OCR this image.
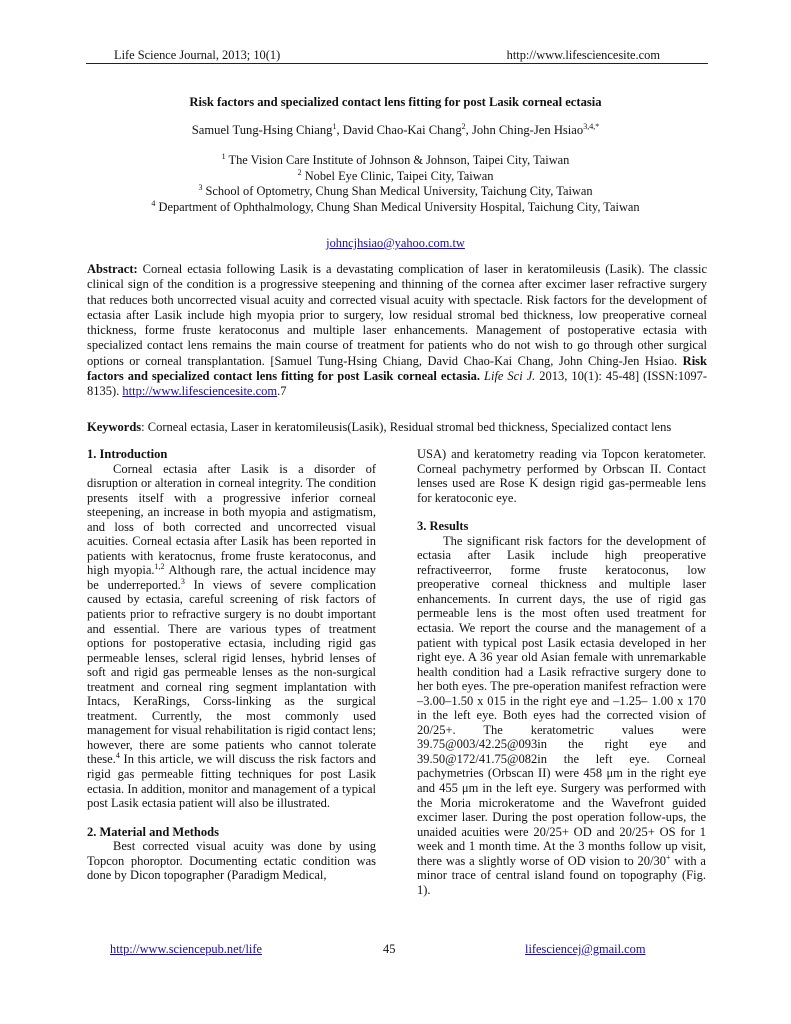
Life Science Journal, 2013; 10(1)	http://www.lifesciencesite.com
Risk factors and specialized contact lens fitting for post Lasik corneal ectasia
Samuel Tung-Hsing Chiang$^1$, David Chao-Kai Chang$^2$, John Ching-Jen Hsiao$^{3,4,*}$
$^1$ The Vision Care Institute of Johnson & Johnson, Taipei City, Taiwan
$^2$ Nobel Eye Clinic, Taipei City, Taiwan
$^3$ School of Optometry, Chung Shan Medical University, Taichung City, Taiwan
$^4$ Department of Ophthalmology, Chung Shan Medical University Hospital, Taichung City, Taiwan
johncjhsiao@yahoo.com.tw

Abstract: Corneal ectasia following Lasik is a devastating complication of laser in keratomileusis (Lasik). The classic clinical sign of the condition is a progressive steepening and thinning of the cornea after excimer laser refractive surgery that reduces both uncorrected visual acuity and corrected visual acuity with spectacle. Risk factors for the development of ectasia after Lasik include high myopia prior to surgery, low residual stromal bed thickness, low preoperative corneal thickness, forme fruste keratoconus and multiple laser enhancements. Management of postoperative ectasia with specialized contact lens remains the main course of treatment for patients who do not wish to go through other surgical options or corneal transplantation. [Samuel Tung-Hsing Chiang, David Chao-Kai Chang, John Ching-Jen Hsiao. Risk factors and specialized contact lens fitting for post Lasik corneal ectasia. Life Sci J. 2013, 10(1): 45-48] (ISSN:1097-8135). http://www.lifesciencesite.com.7

Keywords: Corneal ectasia, Laser in keratomileusis(Lasik), Residual stromal bed thickness, Specialized contact lens

1. Introduction

Corneal ectasia after Lasik is a disorder of disruption or alteration in corneal integrity. The condition presents itself with a progressive inferior corneal steepening, an increase in both myopia and astigmatism, and loss of both corrected and uncorrected visual acuities. Corneal ectasia after Lasik has been reported in patients with keratocnus, frome fruste keratoconus, and high myopia.$^{1,2}$ Although rare, the actual incidence may be underreported.$^3$ In views of severe complication caused by ectasia, careful screening of risk factors of patients prior to refractive surgery is no doubt important and essential. There are various types of treatment options for postoperative ectasia, including rigid gas permeable lenses, scleral rigid lenses, hybrid lenses of soft and rigid gas permeable lenses as the non-surgical treatment and corneal ring segment implantation with Intacs, KeraRings, Corss-linking as the surgical treatment. Currently, the most commonly used management for visual rehabilitation is rigid contact lens; however, there are some patients who cannot tolerate these.$^4$ In this article, we will discuss the risk factors and rigid gas permeable fitting techniques for post Lasik ectasia. In addition, monitor and management of a typical post Lasik ectasia patient will also be illustrated.

2. Material and Methods

Best corrected visual acuity was done by using Topcon phoroptor. Documenting ectatic condition was done by Dicon topographer (Paradigm Medical,

USA) and keratometry reading via Topcon keratometer. Corneal pachymetry performed by Orbscan II. Contact lenses used are Rose K design rigid gas-permeable lens for keratoconic eye.

3. Results

The significant risk factors for the development of ectasia after Lasik include high preoperative refractiveerror, forme fruste keratoconus, low preoperative corneal thickness and multiple laser enhancements. In current days, the use of rigid gas permeable lens is the most often used treatment for ectasia. We report the course and the management of a patient with typical post Lasik ectasia developed in her right eye. A 36 year old Asian female with unremarkable health condition had a Lasik refractive surgery done to her both eyes. The pre-operation manifest refraction were –3.00–1.50 x 015 in the right eye and –1.25– 1.00 x 170 in the left eye. Both eyes had the corrected vision of 20/25+. The keratometric values were 39.75@003/42.25@093in the right eye and 39.50@172/41.75@082in the left eye. Corneal pachymetries (Orbscan II) were 458 μm in the right eye and 455 μm in the left eye. Surgery was performed with the Moria microkeratome and the Wavefront guided excimer laser. During the post operation follow-ups, the unaided acuities were 20/25+ OD and 20/25+ OS for 1 week and 1 month time. At the 3 months follow up visit, there was a slightly worse of OD vision to 20/30+ with a minor trace of central island found on topography (Fig. 1).

http://www.sciencepub.net/life	45	lifesciencej@gmail.com
